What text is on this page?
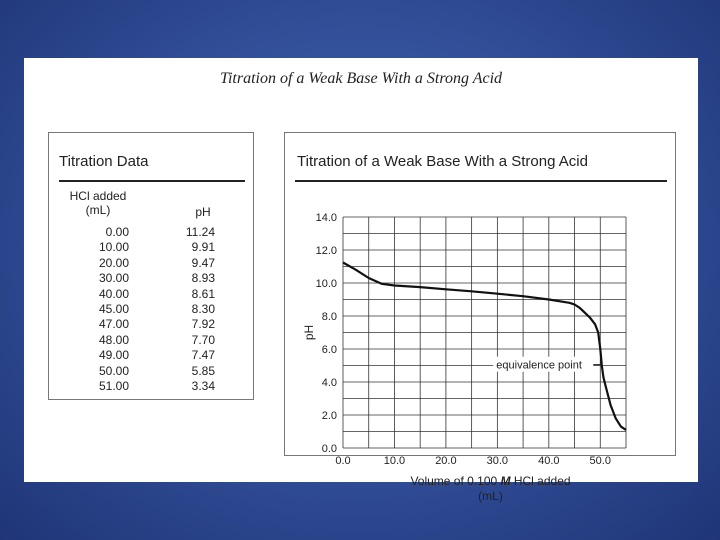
Titration of a Weak Base With a Strong Acid
Titration Data
HCl added
(mL)	pH
0.00	11.24
10.00	9.91
20.00	9.47
30.00	8.93
40.00	8.61
45.00	8.30
47.00	7.92
48.00	7.70
49.00	7.47
50.00	5.85
51.00	3.34
Titration of a Weak Base With a Strong Acid
0.0
2.0
4.0
6.0
8.0
10.0
12.0
14.0
0.0	10.0	20.0	30.0	40.0	50.0
pH
Volume of 0.100 M HCl added
(mL)
equivalence point
